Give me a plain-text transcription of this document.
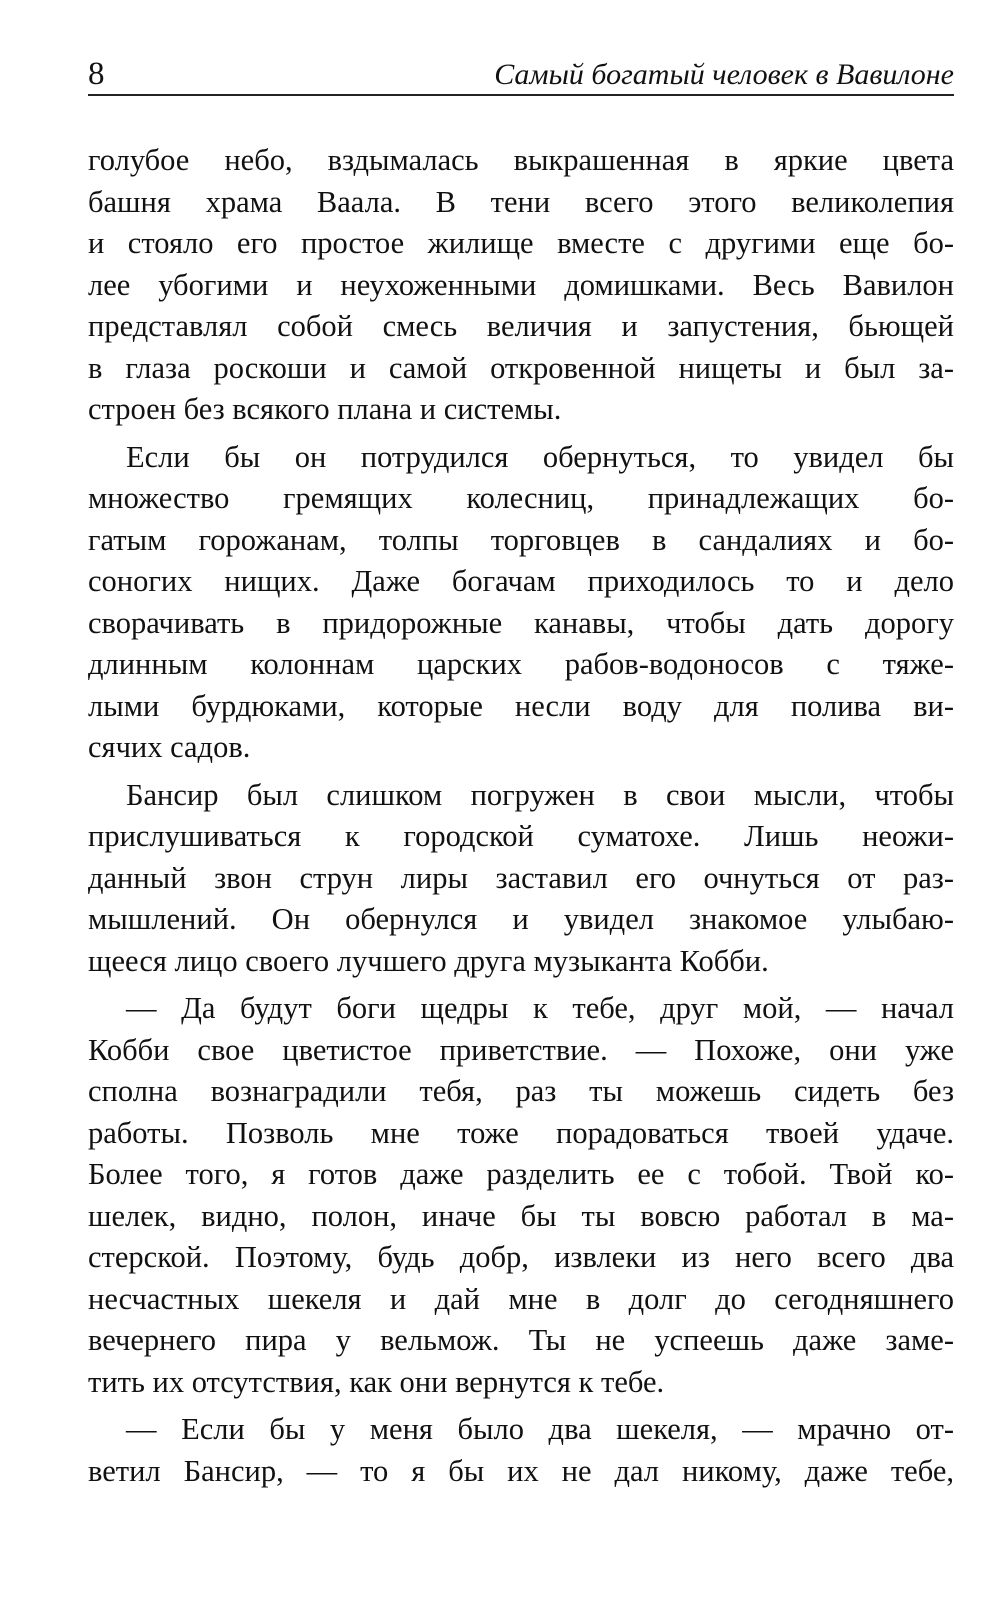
8	Самый богатый человек в Вавилоне
голубое небо, вздымалась выкрашенная в яркие цвета
башня храма Ваала. В тени всего этого великолепия
и стояло его простое жилище вместе с другими еще бо-
лее убогими и неухоженными домишками. Весь Вавилон
представлял собой смесь величия и запустения, бьющей
в глаза роскоши и самой откровенной нищеты и был за-
строен без всякого плана и системы.
Если бы он потрудился обернуться, то увидел бы
множество гремящих колесниц, принадлежащих бо-
гатым горожанам, толпы торговцев в сандалиях и бо-
соногих нищих. Даже богачам приходилось то и дело
сворачивать в придорожные канавы, чтобы дать дорогу
длинным колоннам царских рабов-водоносов с тяже-
лыми бурдюками, которые несли воду для полива ви-
сячих садов.
Бансир был слишком погружен в свои мысли, чтобы
прислушиваться к городской суматохе. Лишь неожи-
данный звон струн лиры заставил его очнуться от раз-
мышлений. Он обернулся и увидел знакомое улыбаю-
щееся лицо своего лучшего друга музыканта Кобби.
— Да будут боги щедры к тебе, друг мой, — начал
Кобби свое цветистое приветствие. — Похоже, они уже
сполна вознаградили тебя, раз ты можешь сидеть без
работы. Позволь мне тоже порадоваться твоей удаче.
Более того, я готов даже разделить ее с тобой. Твой ко-
шелек, видно, полон, иначе бы ты вовсю работал в ма-
стерской. Поэтому, будь добр, извлеки из него всего два
несчастных шекеля и дай мне в долг до сегодняшнего
вечернего пира у вельмож. Ты не успеешь даже заме-
тить их отсутствия, как они вернутся к тебе.
— Если бы у меня было два шекеля, — мрачно от-
ветил Бансир, — то я бы их не дал никому, даже тебе,
